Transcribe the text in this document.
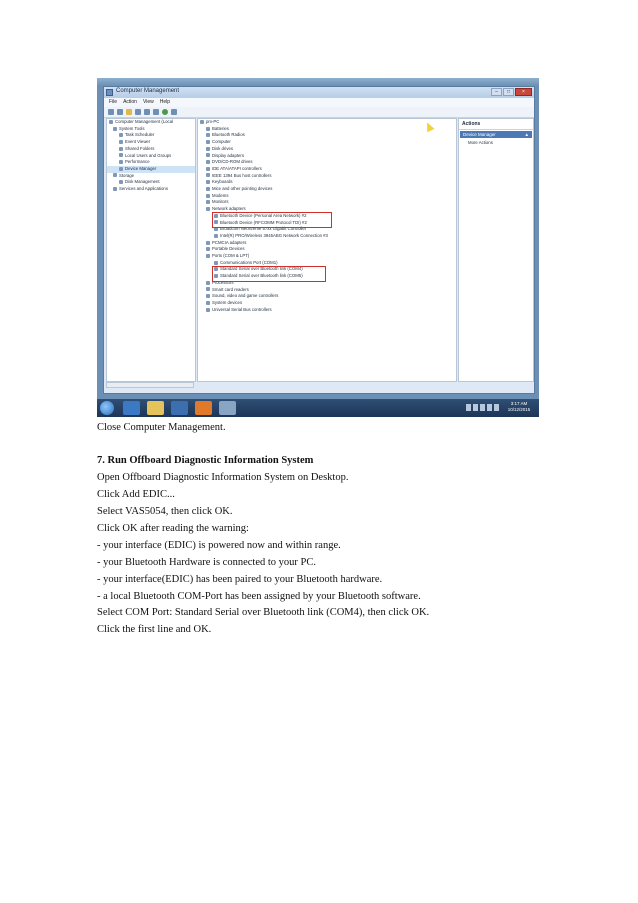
Computer Management	–	□	×
File Action View Help
Computer Management (Local
System Tools
Task Scheduler
Event Viewer
Shared Folders
Local Users and Groups
Performance
Device Manager
Storage
Disk Management
Services and Applications
pm-PC
Batteries
Bluetooth Radios
Computer
Disk drives
Display adapters
DVD/CD-ROM drives
IDE ATA/ATAPI controllers
IEEE 1394 Bus host controllers
Keyboards
Mice and other pointing devices
Modems
Monitors
Network adapters
Bluetooth Device (Personal Area Network) #2
Bluetooth Device (RFCOMM Protocol TDI) #2
Broadcom NetXtreme 57xx Gigabit Controller
Intel(R) PRO/Wireless 3945ABG Network Connection #3
PCMCIA adapters
Portable Devices
Ports (COM & LPT)
Communications Port (COM1)
Standard Serial over Bluetooth link (COM4)
Standard Serial over Bluetooth link (COM5)
Processors
Smart card readers
Sound, video and game controllers
System devices
Universal Serial Bus controllers
Actions
Device Manager	▲
More Actions
3:17 AM
10/12/2015
Close Computer Management.
7. Run Offboard Diagnostic Information System
Open Offboard Diagnostic Information System on Desktop.
Click Add EDIC...
Select VAS5054, then click OK.
Click OK after reading the warning:
- your interface (EDIC) is powered now and within range.
- your Bluetooth Hardware is connected to your PC.
- your interface(EDIC) has been paired to your Bluetooth hardware.
- a local Bluetooth COM-Port has been assigned by your Bluetooth software.
Select COM Port: Standard Serial over Bluetooth link (COM4), then click OK.
Click the first line and OK.
